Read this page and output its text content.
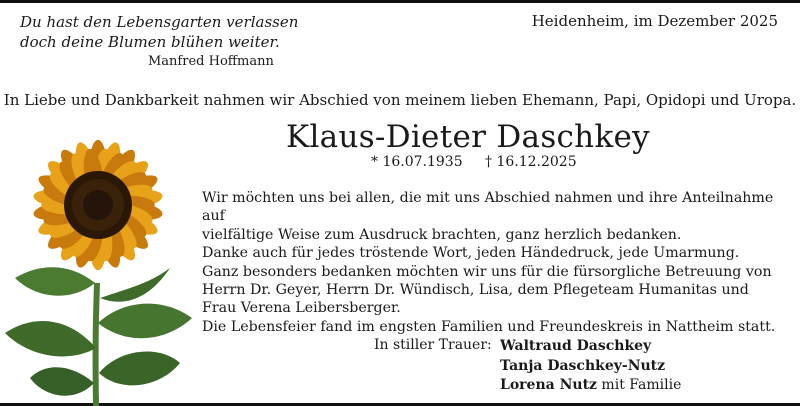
Du hast den Lebensgarten verlassen
doch deine Blumen blühen weiter.
Manfred Hoffmann
Heidenheim, im Dezember 2025
In Liebe und Dankbarkeit nahmen wir Abschied von meinem lieben Ehemann, Papi, Opidopi und Uropa.
Klaus-Dieter Daschkey
* 16.07.1935 † 16.12.2025

Wir möchten uns bei allen, die mit uns Abschied nahmen und ihre Anteilnahme auf

vielfältige Weise zum Ausdruck brachten, ganz herzlich bedanken.

Danke auch für jedes tröstende Wort, jeden Händedruck, jede Umarmung.

Ganz besonders bedanken möchten wir uns für die fürsorgliche Betreuung von

Herrn Dr. Geyer, Herrn Dr. Wündisch, Lisa, dem Pflegeteam Humanitas und

Frau Verena Leibersberger.

Die Lebensfeier fand im engsten Familien und Freundeskreis in Nattheim statt.

In stiller Trauer: Waltraud Daschkey
Tanja Daschkey-Nutz
Lorena Nutz mit Familie
